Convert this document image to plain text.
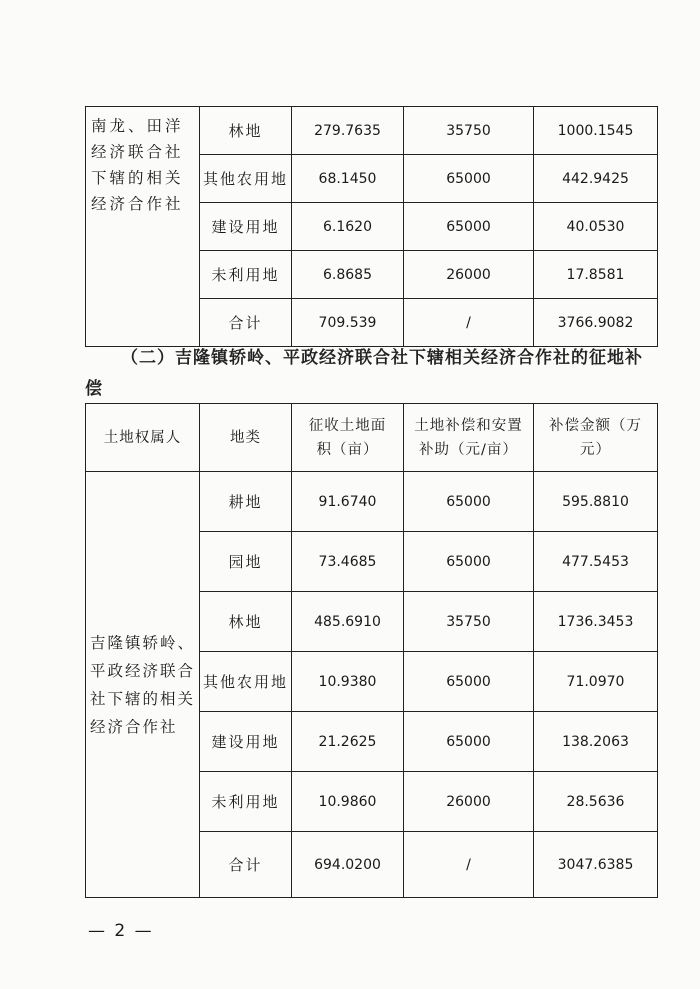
南龙、田洋经济联合社下辖的相关经济合作社	林地	279.7635	35750	1000.1545
	其他农用地	68.1450	65000	442.9425
	建设用地	6.1620	65000	40.0530
	未利用地	6.8685	26000	17.8581
	合计	709.539	/	3766.9082
（二）吉隆镇轿岭、平政经济联合社下辖相关经济合作社的征地补偿
土地权属人	地类	征收土地面积（亩）	土地补偿和安置补助（元/亩）	补偿金额（万元）
吉隆镇轿岭、平政经济联合社下辖的相关经济合作社	耕地	91.6740	65000	595.8810
	园地	73.4685	65000	477.5453
	林地	485.6910	35750	1736.3453
	其他农用地	10.9380	65000	71.0970
	建设用地	21.2625	65000	138.2063
	未利用地	10.9860	26000	28.5636
	合计	694.0200	/	3047.6385
— 2 —
